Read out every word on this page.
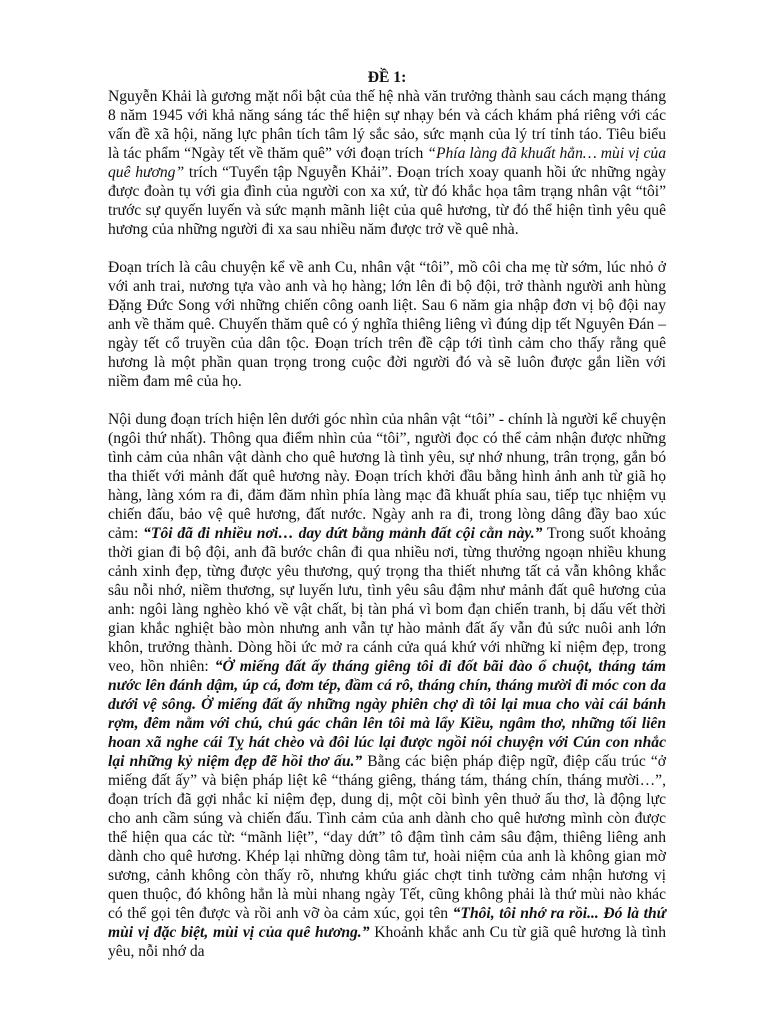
ĐỀ 1:

Nguyễn Khải là gương mặt nổi bật của thế hệ nhà văn trưởng thành sau cách mạng tháng 8 năm 1945 với khả năng sáng tác thể hiện sự nhạy bén và cách khám phá riêng với các vấn đề xã hội, năng lực phân tích tâm lý sắc sảo, sức mạnh của lý trí tỉnh táo. Tiêu biểu là tác phẩm “Ngày tết về thăm quê” với đoạn trích “Phía làng đã khuất hẳn… mùi vị của quê hương” trích “Tuyển tập Nguyễn Khải”. Đoạn trích xoay quanh hồi ức những ngày được đoàn tụ với gia đình của người con xa xứ, từ đó khắc họa tâm trạng nhân vật “tôi” trước sự quyến luyến và sức mạnh mãnh liệt của quê hương, từ đó thể hiện tình yêu quê hương của những người đi xa sau nhiều năm được trở về quê nhà.

Đoạn trích là câu chuyện kể về anh Cu, nhân vật “tôi”, mồ côi cha mẹ từ sớm, lúc nhỏ ở với anh trai, nương tựa vào anh và họ hàng; lớn lên đi bộ đội, trở thành người anh hùng Đặng Đức Song với những chiến công oanh liệt. Sau 6 năm gia nhập đơn vị bộ đội nay anh về thăm quê. Chuyến thăm quê có ý nghĩa thiêng liêng vì đúng dịp tết Nguyên Đán – ngày tết cổ truyền của dân tộc. Đoạn trích trên đề cập tới tình cảm cho thấy rằng quê hương là một phần quan trọng trong cuộc đời người đó và sẽ luôn được gắn liền với niềm đam mê của họ.

Nội dung đoạn trích hiện lên dưới góc nhìn của nhân vật “tôi” - chính là người kể chuyện (ngôi thứ nhất). Thông qua điểm nhìn của “tôi”, người đọc có thể cảm nhận được những tình cảm của nhân vật dành cho quê hương là tình yêu, sự nhớ nhung, trân trọng, gắn bó tha thiết với mảnh đất quê hương này. Đoạn trích khởi đầu bằng hình ảnh anh từ giã họ hàng, làng xóm ra đi, đăm đăm nhìn phía làng mạc đã khuất phía sau, tiếp tục nhiệm vụ chiến đấu, bảo vệ quê hương, đất nước. Ngày anh ra đi, trong lòng dâng đầy bao xúc cảm: “Tôi đã đi nhiều nơi… day dứt bằng mảnh đất cội cằn này.” Trong suốt khoảng thời gian đi bộ đội, anh đã bước chân đi qua nhiều nơi, từng thưởng ngoạn nhiều khung cảnh xinh đẹp, từng được yêu thương, quý trọng tha thiết nhưng tất cả vẫn không khắc sâu nỗi nhớ, niềm thương, sự luyến lưu, tình yêu sâu đậm như mảnh đất quê hương của anh: ngôi làng nghèo khó về vật chất, bị tàn phá vì bom đạn chiến tranh, bị dấu vết thời gian khắc nghiệt bào mòn nhưng anh vẫn tự hào mảnh đất ấy vẫn đủ sức nuôi anh lớn khôn, trưởng thành. Dòng hồi ức mở ra cánh cửa quá khứ với những kỉ niệm đẹp, trong veo, hồn nhiên: “Ở miếng đất ấy tháng giêng tôi đi đốt bãi đào ổ chuột, tháng tám nước lên đánh dậm, úp cá, đơm tép, đầm cá rô, tháng chín, tháng mười đi móc con da dưới vệ sông. Ở miếng đất ấy những ngày phiên chợ dì tôi lại mua cho vài cái bánh rợm, đêm nằm với chú, chú gác chân lên tôi mà lẩy Kiều, ngâm thơ, những tối liên hoan xã nghe cái Tỵ hát chèo và đôi lúc lại được ngồi nói chuyện với Cún con nhắc lại những kỷ niệm đẹp đẽ hồi thơ ấu.” Bằng các biện pháp điệp ngữ, điệp cấu trúc “ở miếng đất ấy” và biện pháp liệt kê “tháng giêng, tháng tám, tháng chín, tháng mười…”, đoạn trích đã gợi nhắc kỉ niệm đẹp, dung dị, một cõi bình yên thuở ấu thơ, là động lực cho anh cầm súng và chiến đấu. Tình cảm của anh dành cho quê hương mình còn được thể hiện qua các từ: “mãnh liệt”, “day dứt” tô đậm tình cảm sâu đậm, thiêng liêng anh dành cho quê hương. Khép lại những dòng tâm tư, hoài niệm của anh là không gian mờ sương, cảnh không còn thấy rõ, nhưng khứu giác chợt tinh tường cảm nhận hương vị quen thuộc, đó không hẳn là mùi nhang ngày Tết, cũng không phải là thứ mùi nào khác có thể gọi tên được và rồi anh vỡ òa cảm xúc, gọi tên “Thôi, tôi nhớ ra rồi... Đó là thứ mùi vị đặc biệt, mùi vị của quê hương.” Khoảnh khắc anh Cu từ giã quê hương là tình yêu, nỗi nhớ da
